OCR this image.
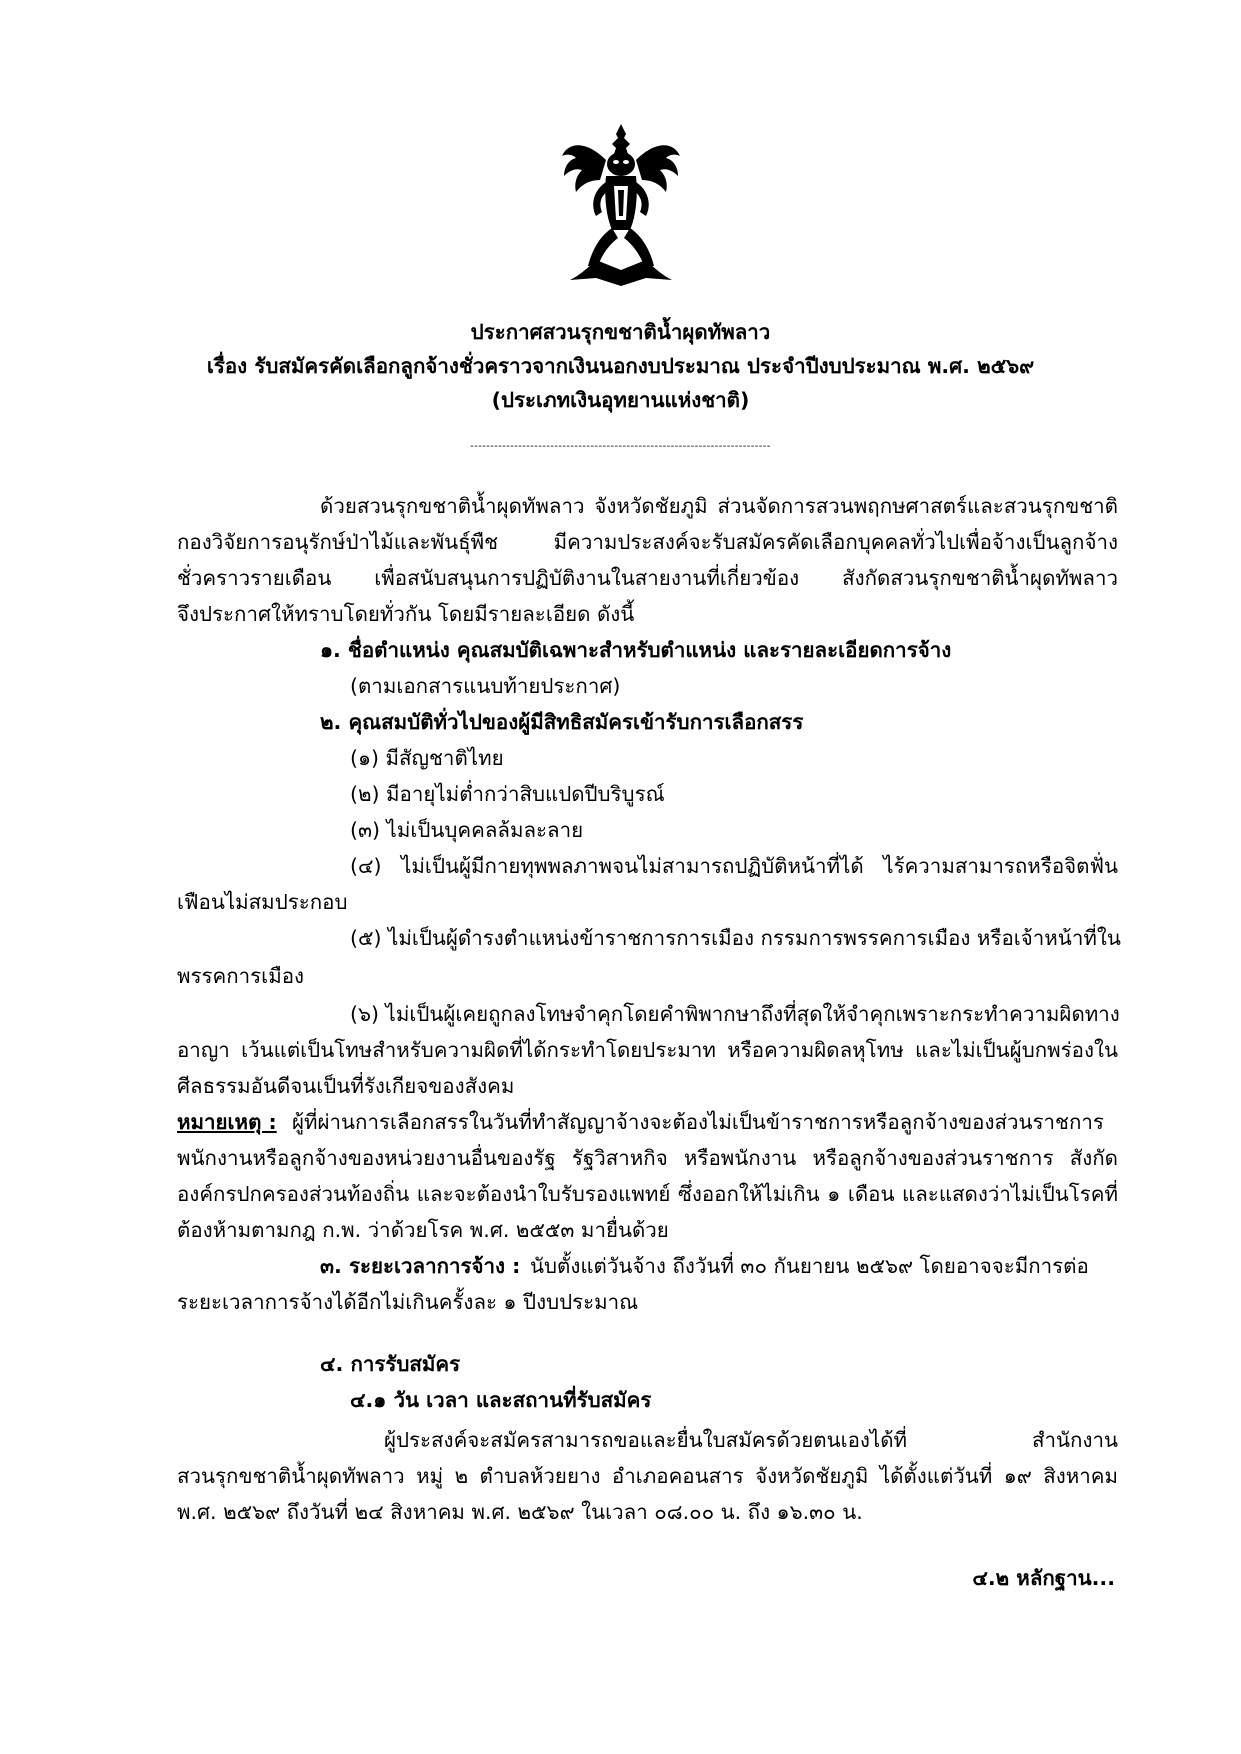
ประกาศสวนรุกขชาติน้ำผุดทัพลาว
เรื่อง รับสมัครคัดเลือกลูกจ้างชั่วคราวจากเงินนอกงบประมาณ ประจำปีงบประมาณ พ.ศ. ๒๕๖๙
(ประเภทเงินอุทยานแห่งชาติ)
---------------------------------------------------------------------------
ด้วยสวนรุกขชาติน้ำผุดทัพลาว จังหวัดชัยภูมิ ส่วนจัดการสวนพฤกษศาสตร์และสวนรุกขชาติ
กองวิจัยการอนุรักษ์ป่าไม้และพันธุ์พืช มีความประสงค์จะรับสมัครคัดเลือกบุคคลทั่วไปเพื่อจ้างเป็นลูกจ้าง
ชั่วคราวรายเดือน เพื่อสนับสนุนการปฏิบัติงานในสายงานที่เกี่ยวข้อง สังกัดสวนรุกขชาติน้ำผุดทัพลาว
จึงประกาศให้ทราบโดยทั่วกัน โดยมีรายละเอียด ดังนี้
๑. ชื่อตำแหน่ง คุณสมบัติเฉพาะสำหรับตำแหน่ง และรายละเอียดการจ้าง
(ตามเอกสารแนบท้ายประกาศ)
๒. คุณสมบัติทั่วไปของผู้มีสิทธิสมัครเข้ารับการเลือกสรร
(๑) มีสัญชาติไทย
(๒) มีอายุไม่ต่ำกว่าสิบแปดปีบริบูรณ์
(๓) ไม่เป็นบุคคลล้มละลาย
(๔) ไม่เป็นผู้มีกายทุพพลภาพจนไม่สามารถปฏิบัติหน้าที่ได้ ไร้ความสามารถหรือจิตฟั่น
เฟือนไม่สมประกอบ
(๕) ไม่เป็นผู้ดำรงตำแหน่งข้าราชการการเมือง กรรมการพรรคการเมือง หรือเจ้าหน้าที่ใน
พรรคการเมือง
(๖) ไม่เป็นผู้เคยถูกลงโทษจำคุกโดยคำพิพากษาถึงที่สุดให้จำคุกเพราะกระทำความผิดทาง
อาญา เว้นแต่เป็นโทษสำหรับความผิดที่ได้กระทำโดยประมาท หรือความผิดลหุโทษ และไม่เป็นผู้บกพร่องใน
ศีลธรรมอันดีจนเป็นที่รังเกียจของสังคม
หมายเหตุ : ผู้ที่ผ่านการเลือกสรรในวันที่ทำสัญญาจ้างจะต้องไม่เป็นข้าราชการหรือลูกจ้างของส่วนราชการ
พนักงานหรือลูกจ้างของหน่วยงานอื่นของรัฐ รัฐวิสาหกิจ หรือพนักงาน หรือลูกจ้างของส่วนราชการ สังกัด
องค์กรปกครองส่วนท้องถิ่น และจะต้องนำใบรับรองแพทย์ ซึ่งออกให้ไม่เกิน ๑ เดือน และแสดงว่าไม่เป็นโรคที่
ต้องห้ามตามกฎ ก.พ. ว่าด้วยโรค พ.ศ. ๒๕๕๓ มายื่นด้วย
๓. ระยะเวลาการจ้าง : นับตั้งแต่วันจ้าง ถึงวันที่ ๓๐ กันยายน ๒๕๖๙ โดยอาจจะมีการต่อ
ระยะเวลาการจ้างได้อีกไม่เกินครั้งละ ๑ ปีงบประมาณ
๔. การรับสมัคร
๔.๑ วัน เวลา และสถานที่รับสมัคร
ผู้ประสงค์จะสมัครสามารถขอและยื่นใบสมัครด้วยตนเองได้ที่ สำนักงาน
สวนรุกขชาติน้ำผุดทัพลาว หมู่ ๒ ตำบลห้วยยาง อำเภอคอนสาร จังหวัดชัยภูมิ ได้ตั้งแต่วันที่ ๑๙ สิงหาคม
พ.ศ. ๒๕๖๙ ถึงวันที่ ๒๔ สิงหาคม พ.ศ. ๒๕๖๙ ในเวลา ๐๘.๐๐ น. ถึง ๑๖.๓๐ น.
๔.๒ หลักฐาน...
